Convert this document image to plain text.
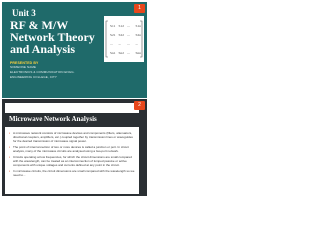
1
Unit 3
RF & M/W Network Theory and Analysis
PRESENTED BY
SOMEONE NAME
ELECTRONICS & COMMUNICATION ENGG.
ENGINEERING COLLEGE, CITY
S11 S12 ... S1n
S21 S22 ... S2n
... ... ... ...
Sn1 Sn2 ... Snn
Microwave Network Analysis
▪ A microwave network consists of microwave devices and components (filters, attenuators, directional couplers, amplifiers, etc.) coupled together by transmission lines or waveguides for the desired transmission of microwave signal power.
▪ The point of interconnection of two or more devices is called a junction or port. In circuit analysis, many of the microwave circuits are analysed using a two-port network.
▪ Circuits operating at low frequencies, for which the circuit dimensions are small compared with the wavelength, can be treated as an interconnection of lumped passive or active components with unique voltages and currents defined at any point in the circuit.
▪ In microwave circuits, the circuit dimensions are small compared with the wavelength so we need to...
2
